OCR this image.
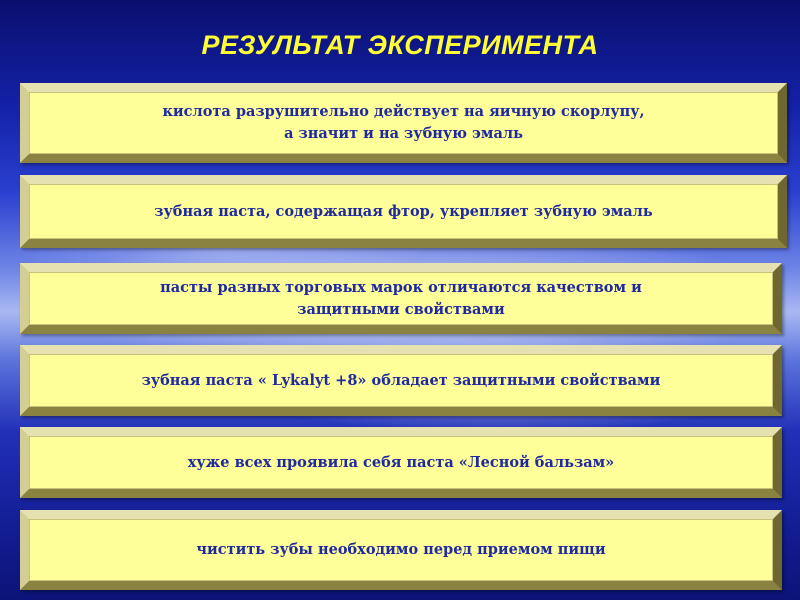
РЕЗУЛЬТАТ ЭКСПЕРИМЕНТА
кислота разрушительно действует на яичную скорлупу,
а значит и на зубную эмаль
зубная паста, содержащая фтор, укрепляет зубную эмаль
пасты разных торговых марок отличаются качеством и
защитными свойствами
зубная паста « Lykalyt +8» обладает защитными свойствами
хуже всех проявила себя паста «Лесной бальзам»
чистить зубы необходимо перед приемом пищи
